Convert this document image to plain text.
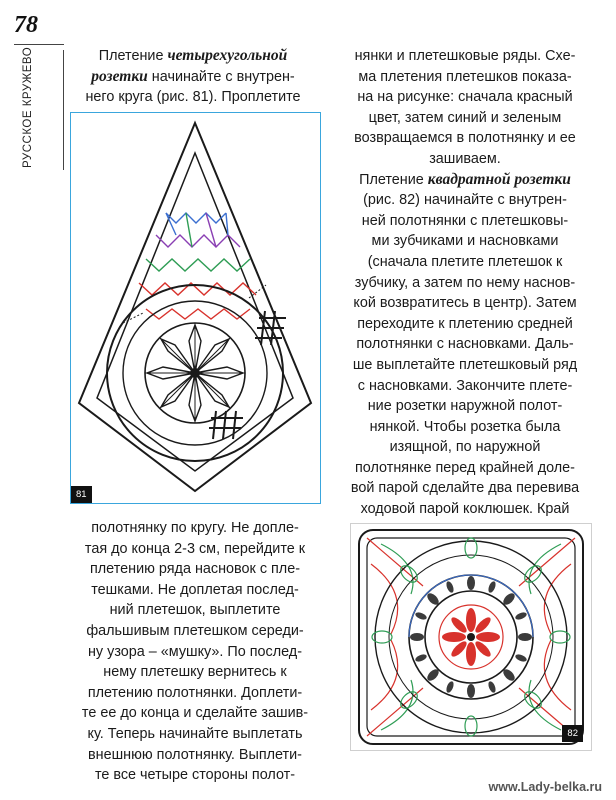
78
РУССКОЕ КРУЖЕВО	Плетение четырехугольной
розетки начинайте с внутрен-
него круга (рис. 81). Проплетите
81
нянки и плетешковые ряды. Схе-
ма плетения плетешков показа-
на на рисунке: сначала красный
цвет, затем синий и зеленым
возвращаемся в полотнянку и ее
зашиваем.
Плетение квадратной розетки
(рис. 82) начинайте с внутрен-
ней полотнянки с плетешковы-
ми зубчиками и насновками
(сначала плетите плетешок к
зубчику, а затем по нему наснов-
кой возвратитесь в центр). Затем
переходите к плетению средней
полотнянки с насновками. Даль-
ше выплетайте плетешковый ряд
с насновками. Закончите плете-
ние розетки наружной полот-
нянкой. Чтобы розетка была
изящной, по наружной
полотнянке перед крайней доле-
вой парой сделайте два перевива
ходовой парой коклюшек. Край
полотнянку по кругу. Не допле-
тая до конца 2-3 см, перейдите к
плетению ряда насновок с пле-
тешками. Не доплетая послед-
ний плетешок, выплетите
фальшивым плетешком середи-
ну узора – «мушку». По послед-
нему плетешку вернитесь к
плетению полотнянки. Доплети-
те ее до конца и сделайте зашив-
ку. Теперь начинайте выплетать
внешнюю полотнянку. Выплети-
те все четыре стороны полот-
82
www.Lady-belka.ru
